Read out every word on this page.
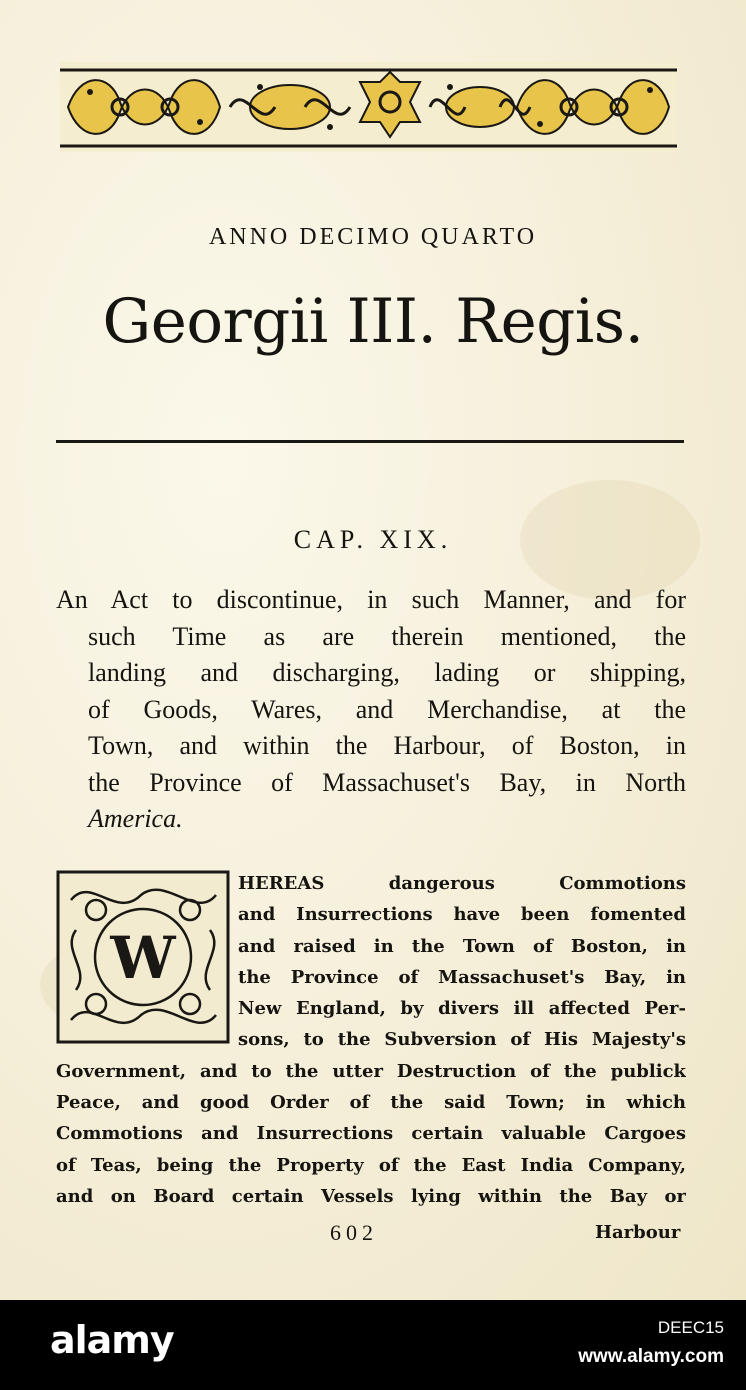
ANNO DECIMO QUARTO
Georgii III. Regis.
CAP. XIX.
An Act to discontinue, in such Manner, and for
such Time as are therein mentioned, the
landing and discharging, lading or shipping,
of Goods, Wares, and Merchandise, at the
Town, and within the Harbour, of Boston, in
the Province of Massachuset's Bay, in North
America.
W
HEREAS dangerous Commotions
and Insurrections have been fomented
and raised in the Town of Boston, in
the Province of Massachuset's Bay, in
New England, by divers ill affected Per-
sons, to the Subversion of His Majesty's
Government, and to the utter Destruction of the publick
Peace, and good Order of the said Town; in which
Commotions and Insurrections certain valuable Cargoes
of Teas, being the Property of the East India Company,
and on Board certain Vessels lying within the Bay or
602	Harbour
alamy	DEEC15
www.alamy.com
